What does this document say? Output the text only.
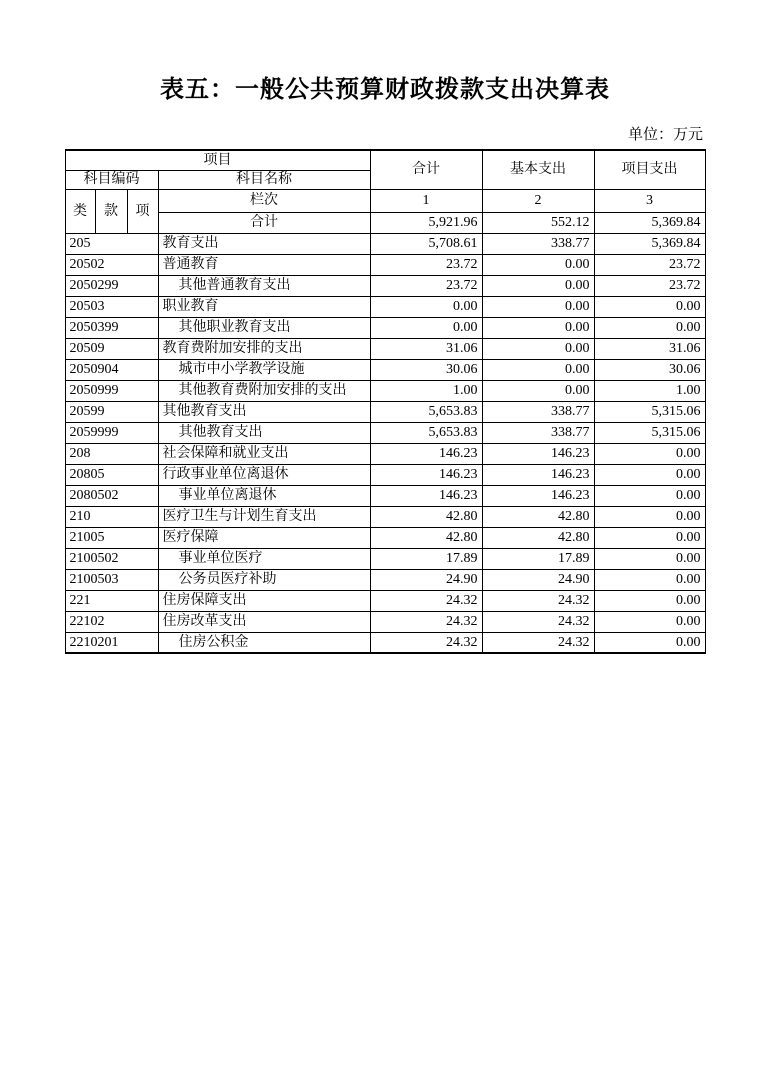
表五：一般公共预算财政拨款支出决算表
单位：万元
项目				合计	基本支出	项目支出
科目编码			科目名称			
类	款	项	栏次	1	2	3
			合计	5,921.96	552.12	5,369.84
205			教育支出	5,708.61	338.77	5,369.84
20502			普通教育	23.72	0.00	23.72
2050299			其他普通教育支出	23.72	0.00	23.72
20503			职业教育	0.00	0.00	0.00
2050399			其他职业教育支出	0.00	0.00	0.00
20509			教育费附加安排的支出	31.06	0.00	31.06
2050904			城市中小学教学设施	30.06	0.00	30.06
2050999			其他教育费附加安排的支出	1.00	0.00	1.00
20599			其他教育支出	5,653.83	338.77	5,315.06
2059999			其他教育支出	5,653.83	338.77	5,315.06
208			社会保障和就业支出	146.23	146.23	0.00
20805			行政事业单位离退休	146.23	146.23	0.00
2080502			事业单位离退休	146.23	146.23	0.00
210			医疗卫生与计划生育支出	42.80	42.80	0.00
21005			医疗保障	42.80	42.80	0.00
2100502			事业单位医疗	17.89	17.89	0.00
2100503			公务员医疗补助	24.90	24.90	0.00
221			住房保障支出	24.32	24.32	0.00
22102			住房改革支出	24.32	24.32	0.00
2210201			住房公积金	24.32	24.32	0.00
